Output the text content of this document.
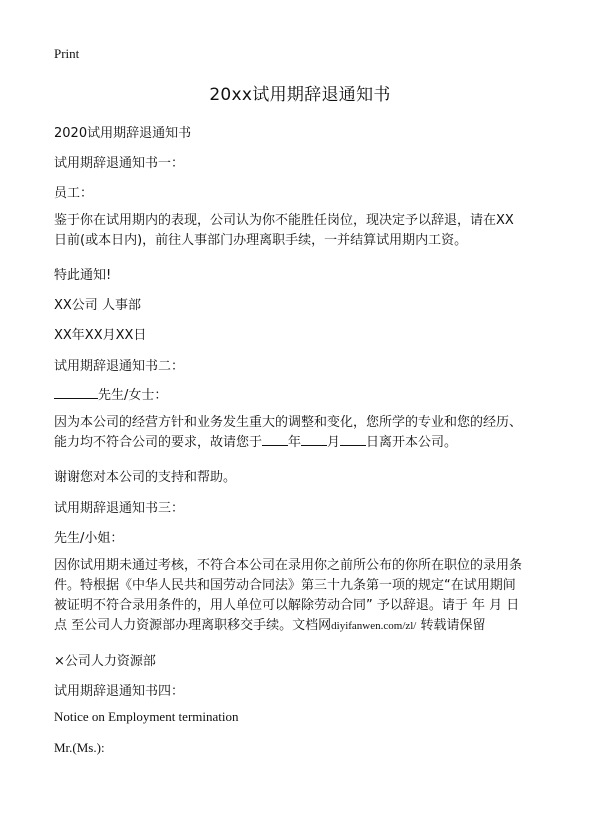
Print
20xx试用期辞退通知书
2020试用期辞退通知书
试用期辞退通知书一：
员工：
鉴于你在试用期内的表现，公司认为你不能胜任岗位，现决定予以辞退，请在XX
日前(或本日内)，前往人事部门办理离职手续，一并结算试用期内工资。
特此通知!
XX公司 人事部
XX年XX月XX日
试用期辞退通知书二：
先生/女士：
因为本公司的经营方针和业务发生重大的调整和变化，您所学的专业和您的经历、
能力均不符合公司的要求，故请您于 年 月 日离开本公司。
谢谢您对本公司的支持和帮助。
试用期辞退通知书三：
先生/小姐：
因你试用期未通过考核，不符合本公司在录用你之前所公布的你所在职位的录用条
件。特根据《中华人民共和国劳动合同法》第三十九条第一项的规定“在试用期间
被证明不符合录用条件的，用人单位可以解除劳动合同” 予以辞退。请于 年 月 日
点 至公司人力资源部办理离职移交手续。文档网diyifanwen.com/zl/ 转载请保留
×公司人力资源部
试用期辞退通知书四：
Notice on Employment termination
Mr.(Ms.):
